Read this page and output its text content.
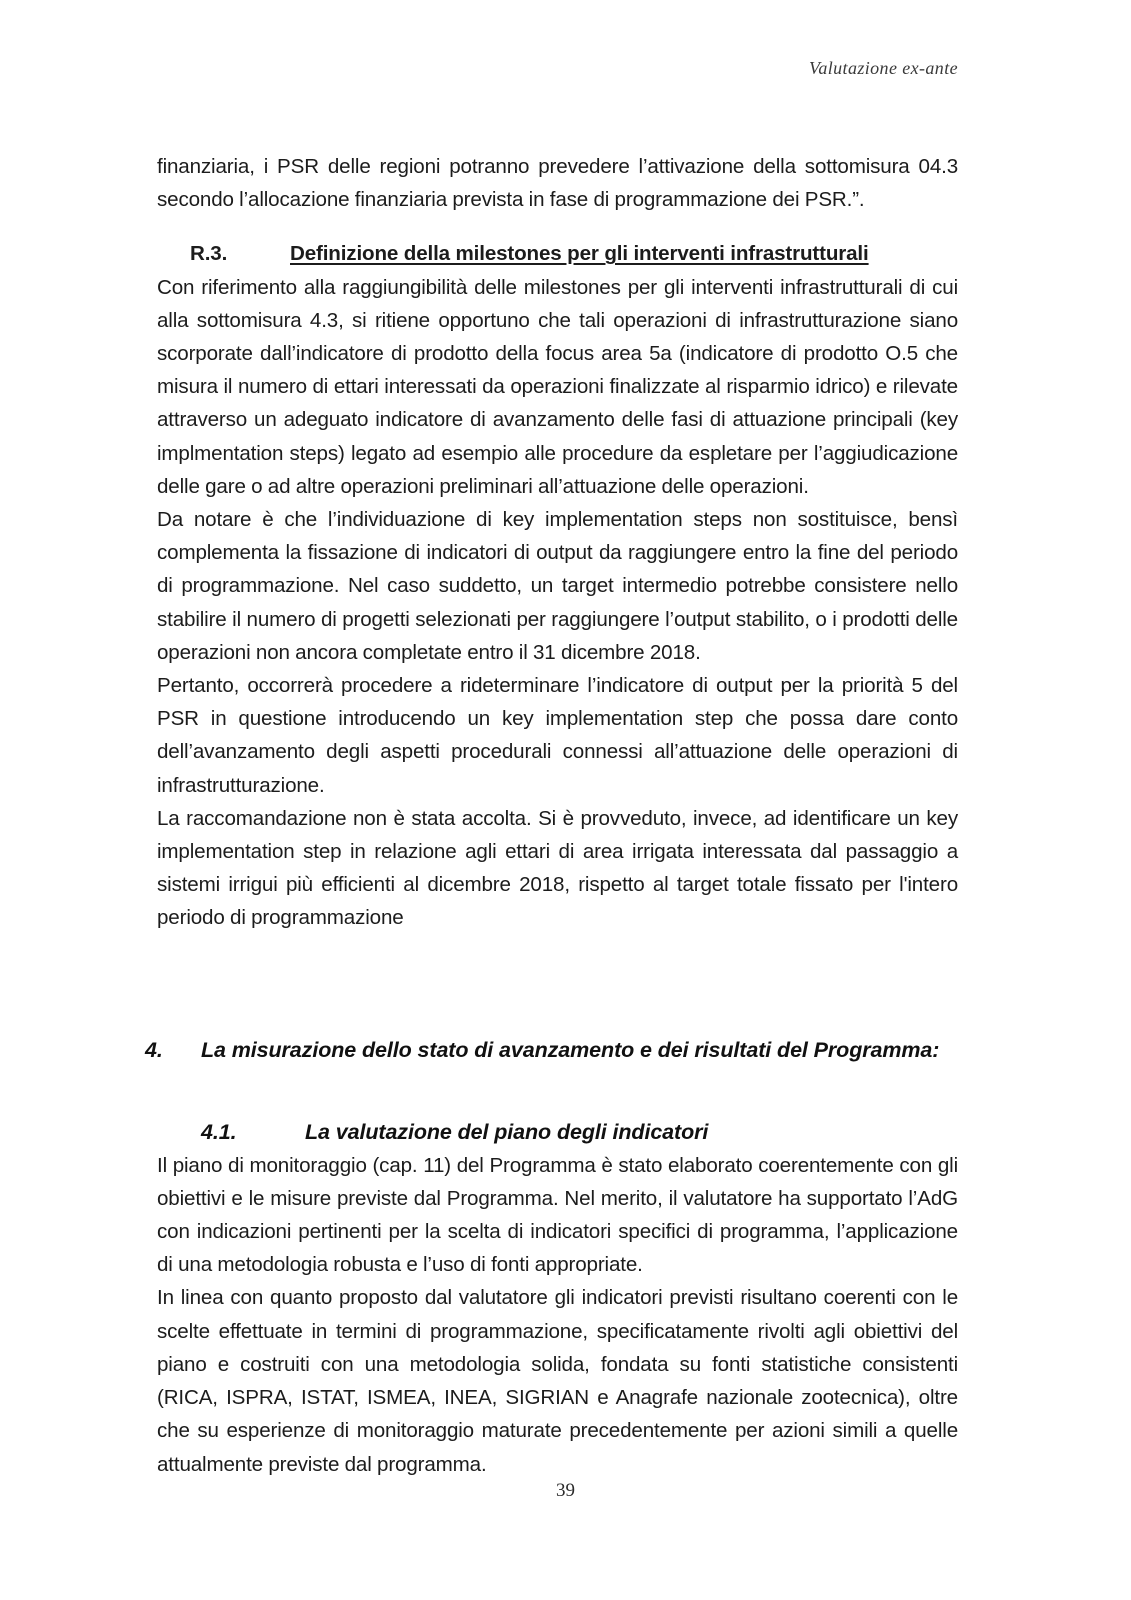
Valutazione ex-ante

finanziaria, i PSR delle regioni potranno prevedere l’attivazione della sottomisura 04.3 secondo l’allocazione finanziaria prevista in fase di programmazione dei PSR.”.

R.3.	Definizione della milestones per gli interventi infrastrutturali

Con riferimento alla raggiungibilità delle milestones per gli interventi infrastrutturali di cui alla sottomisura 4.3, si ritiene opportuno che tali operazioni di infrastrutturazione siano scorporate dall’indicatore di prodotto della focus area 5a (indicatore di prodotto O.5 che misura il numero di ettari interessati da operazioni finalizzate al risparmio idrico) e rilevate attraverso un adeguato indicatore di avanzamento delle fasi di attuazione principali (key implmentation steps) legato ad esempio alle procedure da espletare per l’aggiudicazione delle gare o ad altre operazioni preliminari all’attuazione delle operazioni.

Da notare è che l’individuazione di key implementation steps non sostituisce, bensì complementa la fissazione di indicatori di output da raggiungere entro la fine del periodo di programmazione. Nel caso suddetto, un target intermedio potrebbe consistere nello stabilire il numero di progetti selezionati per raggiungere l’output stabilito, o i prodotti delle operazioni non ancora completate entro il 31 dicembre 2018.

Pertanto, occorrerà procedere a rideterminare l’indicatore di output per la priorità 5 del PSR in questione introducendo un key implementation step che possa dare conto dell’avanzamento degli aspetti procedurali connessi all’attuazione delle operazioni di infrastrutturazione.

La raccomandazione non è stata accolta. Si è provveduto, invece, ad identificare un key implementation step in relazione agli ettari di area irrigata interessata dal passaggio a sistemi irrigui più efficienti al dicembre 2018, rispetto al target totale fissato per l'intero periodo di programmazione

4. La misurazione dello stato di avanzamento e dei risultati del Programma:

4.1.	La valutazione del piano degli indicatori

Il piano di monitoraggio (cap. 11) del Programma è stato elaborato coerentemente con gli obiettivi e le misure previste dal Programma. Nel merito, il valutatore ha supportato l’AdG con indicazioni pertinenti per la scelta di indicatori specifici di programma, l’applicazione di una metodologia robusta e l’uso di fonti appropriate.

In linea con quanto proposto dal valutatore gli indicatori previsti risultano coerenti con le scelte effettuate in termini di programmazione, specificatamente rivolti agli obiettivi del piano e costruiti con una metodologia solida, fondata su fonti statistiche consistenti (RICA, ISPRA, ISTAT, ISMEA, INEA, SIGRIAN e Anagrafe nazionale zootecnica), oltre che su esperienze di monitoraggio maturate precedentemente per azioni simili a quelle attualmente previste dal programma.

39
